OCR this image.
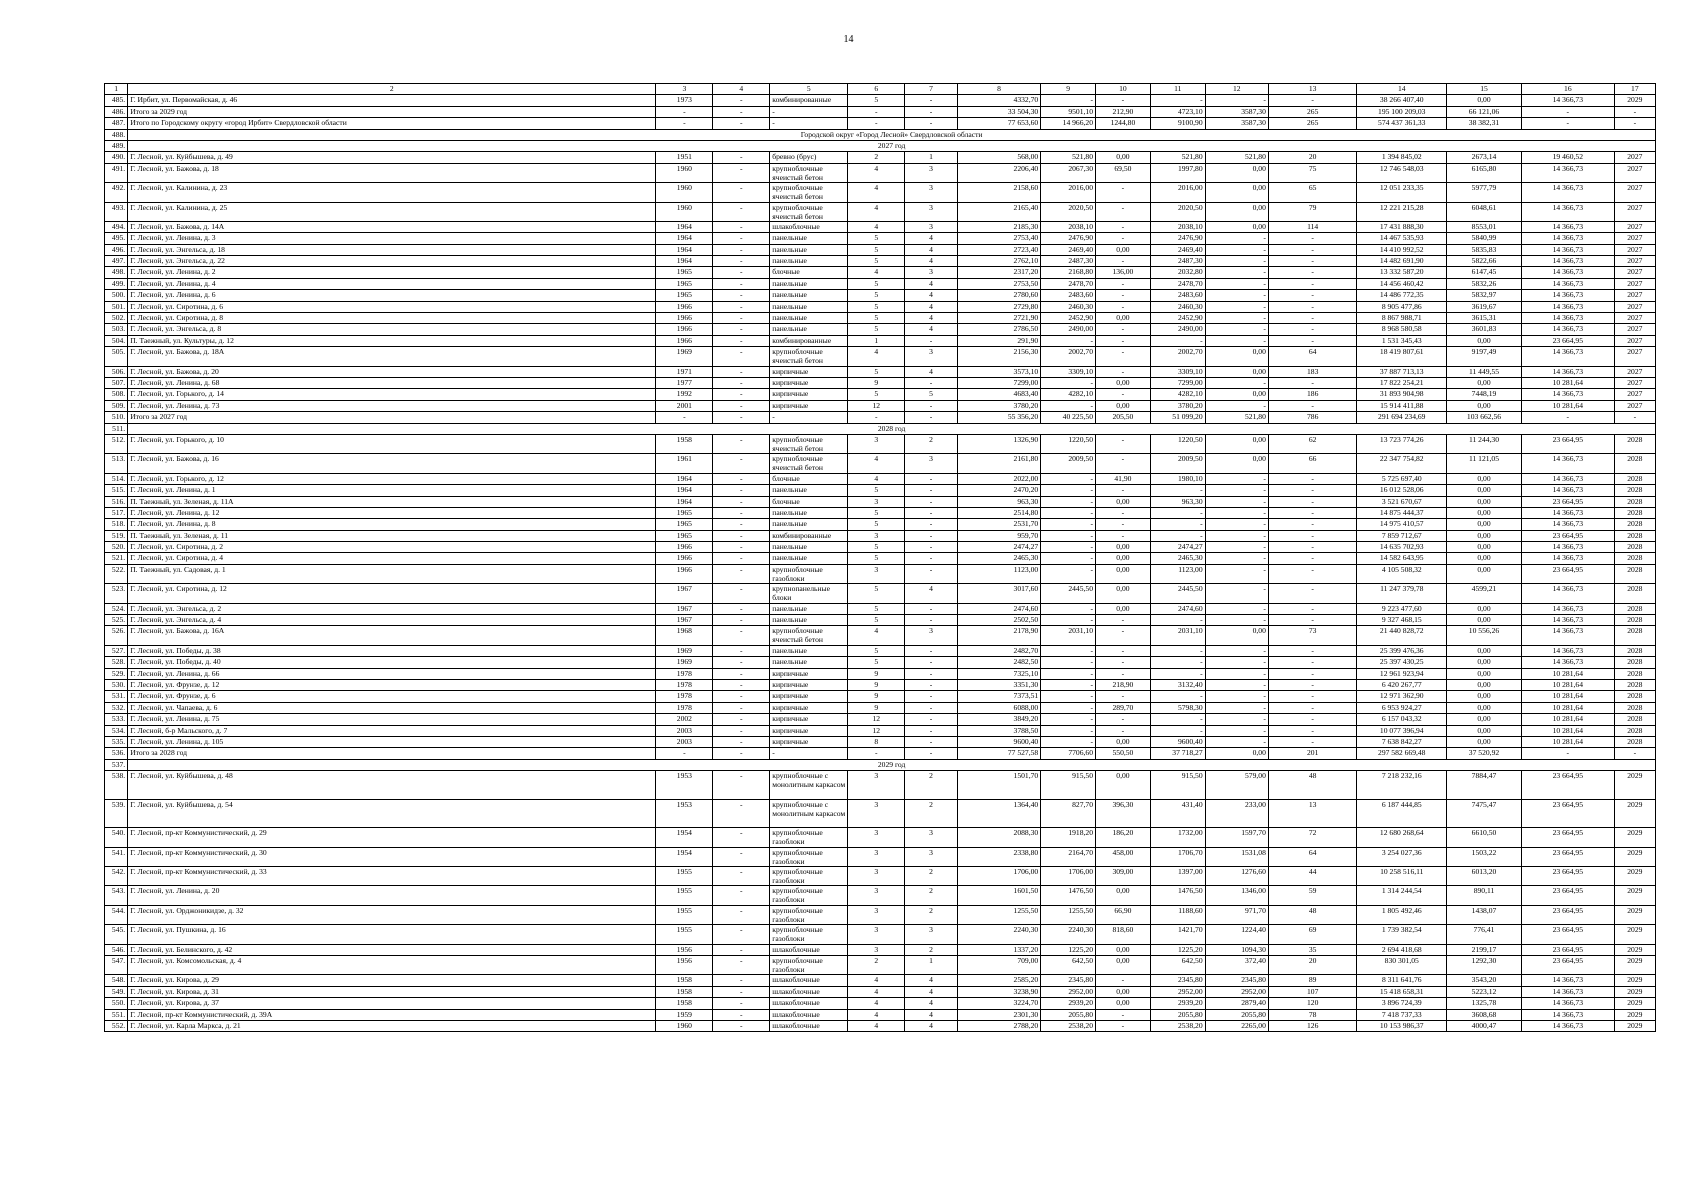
14
1	2	3	4	5	6	7	8	9	10	11	12	13	14	15	16	17
485.	Г. Ирбит, ул. Первомайская, д. 46	1973	-	комбинированные	5	-	4332,70	-	-	-	-	-	38 266 407,40	0,00	14 366,73	2029
486.	Итого за 2029 год	-	-	-	-	-	33 504,30	9501,10	212,90	4723,10	3587,30	265	195 100 209,03	66 121,06	-	-
487.	Итого по Городскому округу «город Ирбит» Свердловской области	-	-	-	-	-	77 653,60	14 966,20	1244,80	9100,90	3587,30	265	574 437 361,33	38 382,31	-	-
488.	Городской округ «Город Лесной» Свердловской области															
489.	2027 год															
490.	Г. Лесной, ул. Куйбышева, д. 49	1951	-	бревно (брус)	2	1	568,00	521,80	0,00	521,80	521,80	20	1 394 845,02	2673,14	19 460,52	2027
491.	Г. Лесной, ул. Бажова, д. 18	1960	-	крупноблочные ячеистый бетон	4	3	2206,40	2067,30	69,50	1997,80	0,00	75	12 746 548,03	6165,80	14 366,73	2027
492.	Г. Лесной, ул. Калинина, д. 23	1960	-	крупноблочные ячеистый бетон	4	3	2158,60	2016,00	-	2016,00	0,00	65	12 051 233,35	5977,79	14 366,73	2027
493.	Г. Лесной, ул. Калинина, д. 25	1960	-	крупноблочные ячеистый бетон	4	3	2165,40	2020,50	-	2020,50	0,00	79	12 221 215,28	6048,61	14 366,73	2027
494.	Г. Лесной, ул. Бажова, д. 14А	1964	-	шлакоблочные	4	3	2185,30	2038,10	-	2038,10	0,00	114	17 431 888,30	8553,01	14 366,73	2027
495.	Г. Лесной, ул. Ленина, д. 3	1964	-	панельные	5	4	2753,40	2476,90	-	2476,90	-	-	14 467 535,93	5840,99	14 366,73	2027
496.	Г. Лесной, ул. Энгельса, д. 18	1964	-	панельные	5	4	2723,40	2469,40	0,00	2469,40	-	-	14 410 992,52	5835,83	14 366,73	2027
497.	Г. Лесной, ул. Энгельса, д. 22	1964	-	панельные	5	4	2762,10	2487,30	-	2487,30	-	-	14 482 691,90	5822,66	14 366,73	2027
498.	Г. Лесной, ул. Ленина, д. 2	1965	-	блочные	4	3	2317,20	2168,80	136,00	2032,80	-	-	13 332 587,20	6147,45	14 366,73	2027
499.	Г. Лесной, ул. Ленина, д. 4	1965	-	панельные	5	4	2753,50	2478,70	-	2478,70	-	-	14 456 460,42	5832,26	14 366,73	2027
500.	Г. Лесной, ул. Ленина, д. 6	1965	-	панельные	5	4	2780,60	2483,60	-	2483,60	-	-	14 486 772,35	5832,97	14 366,73	2027
501.	Г. Лесной, ул. Сиротина, д. 6	1966	-	панельные	5	4	2729,80	2460,30	-	2460,30	-	-	8 905 477,86	3619,67	14 366,73	2027
502.	Г. Лесной, ул. Сиротина, д. 8	1966	-	панельные	5	4	2721,90	2452,90	0,00	2452,90	-	-	8 867 988,71	3615,31	14 366,73	2027
503.	Г. Лесной, ул. Энгельса, д. 8	1966	-	панельные	5	4	2786,50	2490,00	-	2490,00	-	-	8 968 580,58	3601,83	14 366,73	2027
504.	П. Таежный, ул. Культуры, д. 12	1966	-	комбинированные	1	-	291,90	-	-	-	-	-	1 531 345,43	0,00	23 664,95	2027
505.	Г. Лесной, ул. Бажова, д. 18А	1969	-	крупноблочные ячеистый бетон	4	3	2156,30	2002,70	-	2002,70	0,00	64	18 419 807,61	9197,49	14 366,73	2027
506.	Г. Лесной, ул. Бажова, д. 20	1971	-	кирпичные	5	4	3573,10	3309,10	-	3309,10	0,00	183	37 887 713,13	11 449,55	14 366,73	2027
507.	Г. Лесной, ул. Ленина, д. 68	1977	-	кирпичные	9	-	7299,00	-	0,00	7299,00	-	-	17 822 254,21	0,00	10 281,64	2027
508.	Г. Лесной, ул. Горького, д. 14	1992	-	кирпичные	5	5	4683,40	4282,10	-	4282,10	0,00	186	31 893 904,98	7448,19	14 366,73	2027
509.	Г. Лесной, ул. Ленина, д. 73	2001	-	кирпичные	12	-	3780,20	-	0,00	3780,20	-	-	15 914 411,88	0,00	10 281,64	2027
510.	Итого за 2027 год	-	-	-	-	-	55 356,20	40 225,50	205,50	51 099,20	521,80	786	291 694 234,69	103 662,56	-	-
511.	2028 год															
512.	Г. Лесной, ул. Горького, д. 10	1958	-	крупноблочные ячеистый бетон	3	2	1326,90	1220,50	-	1220,50	0,00	62	13 723 774,26	11 244,30	23 664,95	2028
513.	Г. Лесной, ул. Бажова, д. 16	1961	-	крупноблочные ячеистый бетон	4	3	2161,80	2009,50	-	2009,50	0,00	66	22 347 754,82	11 121,05	14 366,73	2028
514.	Г. Лесной, ул. Горького, д. 12	1964	-	блочные	4	-	2022,00	-	41,90	1980,10	-	-	5 725 697,40	0,00	14 366,73	2028
515.	Г. Лесной, ул. Ленина, д. 1	1964	-	панельные	5	-	2470,20	-	-	-	-	-	16 012 528,06	0,00	14 366,73	2028
516.	П. Таежный, ул. Зеленая, д. 11А	1964	-	блочные	3	-	963,30	-	0,00	963,30	-	-	3 521 670,67	0,00	23 664,95	2028
517.	Г. Лесной, ул. Ленина, д. 12	1965	-	панельные	5	-	2514,80	-	-	-	-	-	14 875 444,37	0,00	14 366,73	2028
518.	Г. Лесной, ул. Ленина, д. 8	1965	-	панельные	5	-	2531,70	-	-	-	-	-	14 975 410,57	0,00	14 366,73	2028
519.	П. Таежный, ул. Зеленая, д. 11	1965	-	комбинированные	3	-	959,70	-	-	-	-	-	7 859 712,67	0,00	23 664,95	2028
520.	Г. Лесной, ул. Сиротина, д. 2	1966	-	панельные	5	-	2474,27	-	0,00	2474,27	-	-	14 635 702,93	0,00	14 366,73	2028
521.	Г. Лесной, ул. Сиротина, д. 4	1966	-	панельные	5	-	2465,30	-	0,00	2465,30	-	-	14 582 643,95	0,00	14 366,73	2028
522.	П. Таежный, ул. Садовая, д. 1	1966	-	крупноблочные газоблоки	3	-	1123,00	-	0,00	1123,00	-	-	4 105 508,32	0,00	23 664,95	2028
523.	Г. Лесной, ул. Сиротина, д. 12	1967	-	крупнопанельные блоки	5	4	3017,60	2445,50	0,00	2445,50	-	-	11 247 379,78	4599,21	14 366,73	2028
524.	Г. Лесной, ул. Энгельса, д. 2	1967	-	панельные	5	-	2474,60	-	0,00	2474,60	-	-	9 223 477,60	0,00	14 366,73	2028
525.	Г. Лесной, ул. Энгельса, д. 4	1967	-	панельные	5	-	2502,50	-	-	-	-	-	9 327 468,15	0,00	14 366,73	2028
526.	Г. Лесной, ул. Бажова, д. 16А	1968	-	крупноблочные ячеистый бетон	4	3	2178,90	2031,10	-	2031,10	0,00	73	21 440 828,72	10 556,26	14 366,73	2028
527.	Г. Лесной, ул. Победы, д. 38	1969	-	панельные	5	-	2482,70	-	-	-	-	-	25 399 476,36	0,00	14 366,73	2028
528.	Г. Лесной, ул. Победы, д. 40	1969	-	панельные	5	-	2482,50	-	-	-	-	-	25 397 430,25	0,00	14 366,73	2028
529.	Г. Лесной, ул. Ленина, д. 66	1978	-	кирпичные	9	-	7325,10	-	-	-	-	-	12 961 923,94	0,00	10 281,64	2028
530.	Г. Лесной, ул. Фрунзе, д. 12	1978	-	кирпичные	9	-	3351,30	-	218,90	3132,40	-	-	6 420 267,77	0,00	10 281,64	2028
531.	Г. Лесной, ул. Фрунзе, д. 6	1978	-	кирпичные	9	-	7373,51	-	-	-	-	-	12 971 362,90	0,00	10 281,64	2028
532.	Г. Лесной, ул. Чапаева, д. 6	1978	-	кирпичные	9	-	6088,00	-	289,70	5798,30	-	-	6 953 924,27	0,00	10 281,64	2028
533.	Г. Лесной, ул. Ленина, д. 75	2002	-	кирпичные	12	-	3849,20	-	-	-	-	-	6 157 043,32	0,00	10 281,64	2028
534.	Г. Лесной, б-р Мальского, д. 7	2003	-	кирпичные	12	-	3788,50	-	-	-	-	-	10 077 396,94	0,00	10 281,64	2028
535.	Г. Лесной, ул. Ленина, д. 105	2003	-	кирпичные	8	-	9600,40	-	0,00	9600,40	-	-	7 638 842,27	0,00	10 281,64	2028
536.	Итого за 2028 год	-	-	-	-	-	77 527,58	7706,60	550,50	37 718,27	0,00	201	297 582 669,48	37 520,92	-	-
537.	2029 год															
538.	Г. Лесной, ул. Куйбышева, д. 48	1953	-	крупноблочные с монолитным каркасом	3	2	1501,70	915,50	0,00	915,50	579,00	48	7 218 232,16	7884,47	23 664,95	2029
539.	Г. Лесной, ул. Куйбышева, д. 54	1953	-	крупноблочные с монолитным каркасом	3	2	1364,40	827,70	396,30	431,40	233,00	13	6 187 444,85	7475,47	23 664,95	2029
540.	Г. Лесной, пр-кт Коммунистический, д. 29	1954	-	крупноблочные газоблоки	3	3	2088,30	1918,20	186,20	1732,00	1597,70	72	12 680 268,64	6610,50	23 664,95	2029
541.	Г. Лесной, пр-кт Коммунистический, д. 30	1954	-	крупноблочные газоблоки	3	3	2338,80	2164,70	458,00	1706,70	1531,08	64	3 254 027,36	1503,22	23 664,95	2029
542.	Г. Лесной, пр-кт Коммунистический, д. 33	1955	-	крупноблочные газоблоки	3	2	1706,00	1706,00	309,00	1397,00	1276,60	44	10 258 516,11	6013,20	23 664,95	2029
543.	Г. Лесной, ул. Ленина, д. 20	1955	-	крупноблочные газоблоки	3	2	1601,50	1476,50	0,00	1476,50	1346,00	59	1 314 244,54	890,11	23 664,95	2029
544.	Г. Лесной, ул. Орджоникидзе, д. 32	1955	-	крупноблочные газоблоки	3	2	1255,50	1255,50	66,90	1188,60	971,70	48	1 805 492,46	1438,07	23 664,95	2029
545.	Г. Лесной, ул. Пушкина, д. 16	1955	-	крупноблочные газоблоки	3	3	2240,30	2240,30	818,60	1421,70	1224,40	69	1 739 382,54	776,41	23 664,95	2029
546.	Г. Лесной, ул. Белинского, д. 42	1956	-	шлакоблочные	3	2	1337,20	1225,20	0,00	1225,20	1094,30	35	2 694 418,68	2199,17	23 664,95	2029
547.	Г. Лесной, ул. Комсомольская, д. 4	1956	-	крупноблочные газоблоки	2	1	709,00	642,50	0,00	642,50	372,40	20	830 301,05	1292,30	23 664,95	2029
548.	Г. Лесной, ул. Кирова, д. 29	1958	-	шлакоблочные	4	4	2585,20	2345,80	-	2345,80	2345,80	89	8 311 641,76	3543,20	14 366,73	2029
549.	Г. Лесной, ул. Кирова, д. 31	1958	-	шлакоблочные	4	4	3238,90	2952,00	0,00	2952,00	2952,00	107	15 418 658,31	5223,12	14 366,73	2029
550.	Г. Лесной, ул. Кирова, д. 37	1958	-	шлакоблочные	4	4	3224,70	2939,20	0,00	2939,20	2879,40	120	3 896 724,39	1325,78	14 366,73	2029
551.	Г. Лесной, пр-кт Коммунистический, д. 39А	1959	-	шлакоблочные	4	4	2301,30	2055,80	-	2055,80	2055,80	78	7 418 737,33	3608,68	14 366,73	2029
552.	Г. Лесной, ул. Карла Маркса, д. 21	1960	-	шлакоблочные	4	4	2788,20	2538,20	-	2538,20	2265,00	126	10 153 986,37	4000,47	14 366,73	2029
